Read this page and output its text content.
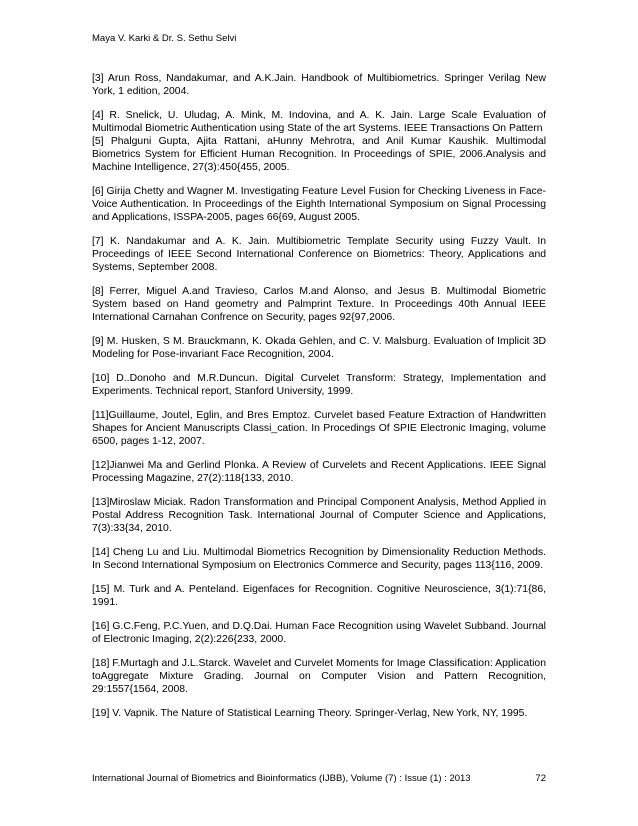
Maya V. Karki & Dr. S. Sethu Selvi

[3] Arun Ross, Nandakumar, and A.K.Jain. Handbook of Multibiometrics. Springer Verilag New York, 1 edition, 2004.

[4] R. Snelick, U. Uludag, A. Mink, M. Indovina, and A. K. Jain. Large Scale Evaluation of Multimodal Biometric Authentication using State of the art Systems. IEEE Transactions On Pattern

[5] Phalguni Gupta, Ajita Rattani, aHunny Mehrotra, and Anil Kumar Kaushik. Multimodal Biometrics System for Efficient Human Recognition. In Proceedings of SPIE, 2006.Analysis and Machine Intelligence, 27(3):450{455, 2005.

[6] Girija Chetty and Wagner M. Investigating Feature Level Fusion for Checking Liveness in Face-Voice Authentication. In Proceedings of the Eighth International Symposium on Signal Processing and Applications, ISSPA-2005, pages 66{69, August 2005.

[7] K. Nandakumar and A. K. Jain. Multibiometric Template Security using Fuzzy Vault. In Proceedings of IEEE Second International Conference on Biometrics: Theory, Applications and Systems, September 2008.

[8] Ferrer, Miguel A.and Travieso, Carlos M.and Alonso, and Jesus B. Multimodal Biometric System based on Hand geometry and Palmprint Texture. In Proceedings 40th Annual IEEE International Carnahan Confrence on Security, pages 92{97,2006.

[9] M. Husken, S M. Brauckmann, K. Okada Gehlen, and C. V. Malsburg. Evaluation of Implicit 3D Modeling for Pose-invariant Face Recognition, 2004.

[10] D..Donoho and M.R.Duncun. Digital Curvelet Transform: Strategy, Implementation and Experiments. Technical report, Stanford University, 1999.

[11]Guillaume, Joutel, Eglin, and Bres Emptoz. Curvelet based Feature Extraction of Handwritten Shapes for Ancient Manuscripts Classi_cation. In Procedings Of SPIE Electronic Imaging, volume 6500, pages 1-12, 2007.

[12]Jianwei Ma and Gerlind Plonka. A Review of Curvelets and Recent Applications. IEEE Signal Processing Magazine, 27(2):118{133, 2010.

[13]Miroslaw Miciak. Radon Transformation and Principal Component Analysis, Method Applied in Postal Address Recognition Task. International Journal of Computer Science and Applications, 7(3):33{34, 2010.

[14] Cheng Lu and Liu. Multimodal Biometrics Recognition by Dimensionality Reduction Methods. In Second International Symposium on Electronics Commerce and Security, pages 113{116, 2009.

[15] M. Turk and A. Penteland. Eigenfaces for Recognition. Cognitive Neuroscience, 3(1):71{86, 1991.

[16] G.C.Feng, P.C.Yuen, and D.Q.Dai. Human Face Recognition using Wavelet Subband. Journal of Electronic Imaging, 2(2):226{233, 2000.

[18] F.Murtagh and J.L.Starck. Wavelet and Curvelet Moments for Image Classification: Application toAggregate Mixture Grading. Journal on Computer Vision and Pattern Recognition, 29:1557{1564, 2008.

[19] V. Vapnik. The Nature of Statistical Learning Theory. Springer-Verlag, New York, NY, 1995.

International Journal of Biometrics and Bioinformatics (IJBB), Volume (7) : Issue (1) : 2013	72
